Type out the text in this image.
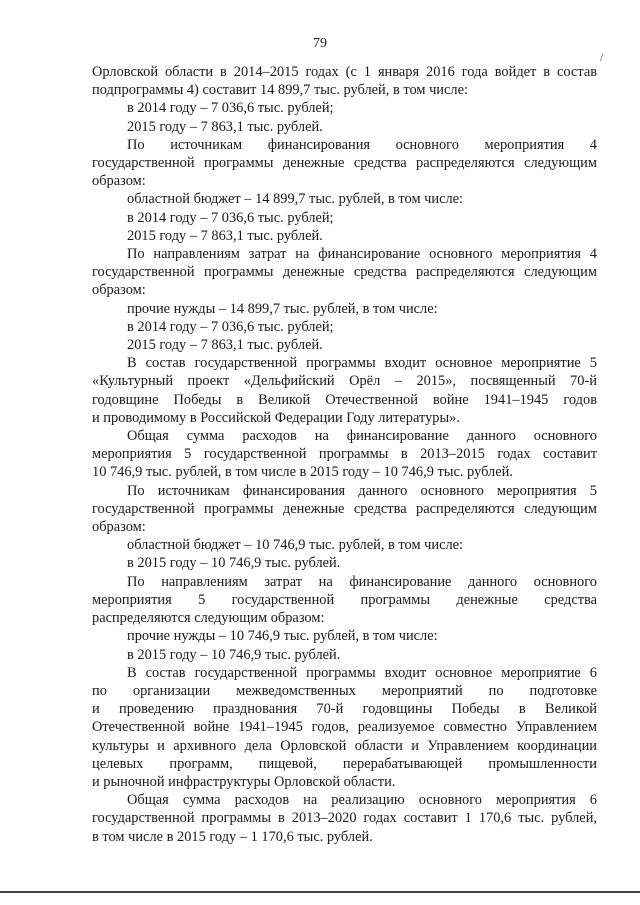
79
/
Орловской области в 2014–2015 годах (с 1 января 2016 года войдет в состав
подпрограммы 4) составит 14 899,7 тыс. рублей, в том числе:
в 2014 году – 7 036,6 тыс. рублей;
2015 году – 7 863,1 тыс. рублей.
По источникам финансирования основного мероприятия 4
государственной программы денежные средства распределяются следующим
образом:
областной бюджет – 14 899,7 тыс. рублей, в том числе:
в 2014 году – 7 036,6 тыс. рублей;
2015 году – 7 863,1 тыс. рублей.
По направлениям затрат на финансирование основного мероприятия 4
государственной программы денежные средства распределяются следующим
образом:
прочие нужды – 14 899,7 тыс. рублей, в том числе:
в 2014 году – 7 036,6 тыс. рублей;
2015 году – 7 863,1 тыс. рублей.
В состав государственной программы входит основное мероприятие 5
«Культурный проект «Дельфийский Орёл – 2015», посвященный 70-й
годовщине Победы в Великой Отечественной войне 1941–1945 годов
и проводимому в Российской Федерации Году литературы».
Общая сумма расходов на финансирование данного основного
мероприятия 5 государственной программы в 2013–2015 годах составит
10 746,9 тыс. рублей, в том числе в 2015 году – 10 746,9 тыс. рублей.
По источникам финансирования данного основного мероприятия 5
государственной программы денежные средства распределяются следующим
образом:
областной бюджет – 10 746,9 тыс. рублей, в том числе:
в 2015 году – 10 746,9 тыс. рублей.
По направлениям затрат на финансирование данного основного
мероприятия 5 государственной программы денежные средства
распределяются следующим образом:
прочие нужды – 10 746,9 тыс. рублей, в том числе:
в 2015 году – 10 746,9 тыс. рублей.
В состав государственной программы входит основное мероприятие 6
по организации межведомственных мероприятий по подготовке
и проведению празднования 70-й годовщины Победы в Великой
Отечественной войне 1941–1945 годов, реализуемое совместно Управлением
культуры и архивного дела Орловской области и Управлением координации
целевых программ, пищевой, перерабатывающей промышленности
и рыночной инфраструктуры Орловской области.
Общая сумма расходов на реализацию основного мероприятия 6
государственной программы в 2013–2020 годах составит 1 170,6 тыс. рублей,
в том числе в 2015 году – 1 170,6 тыс. рублей.
